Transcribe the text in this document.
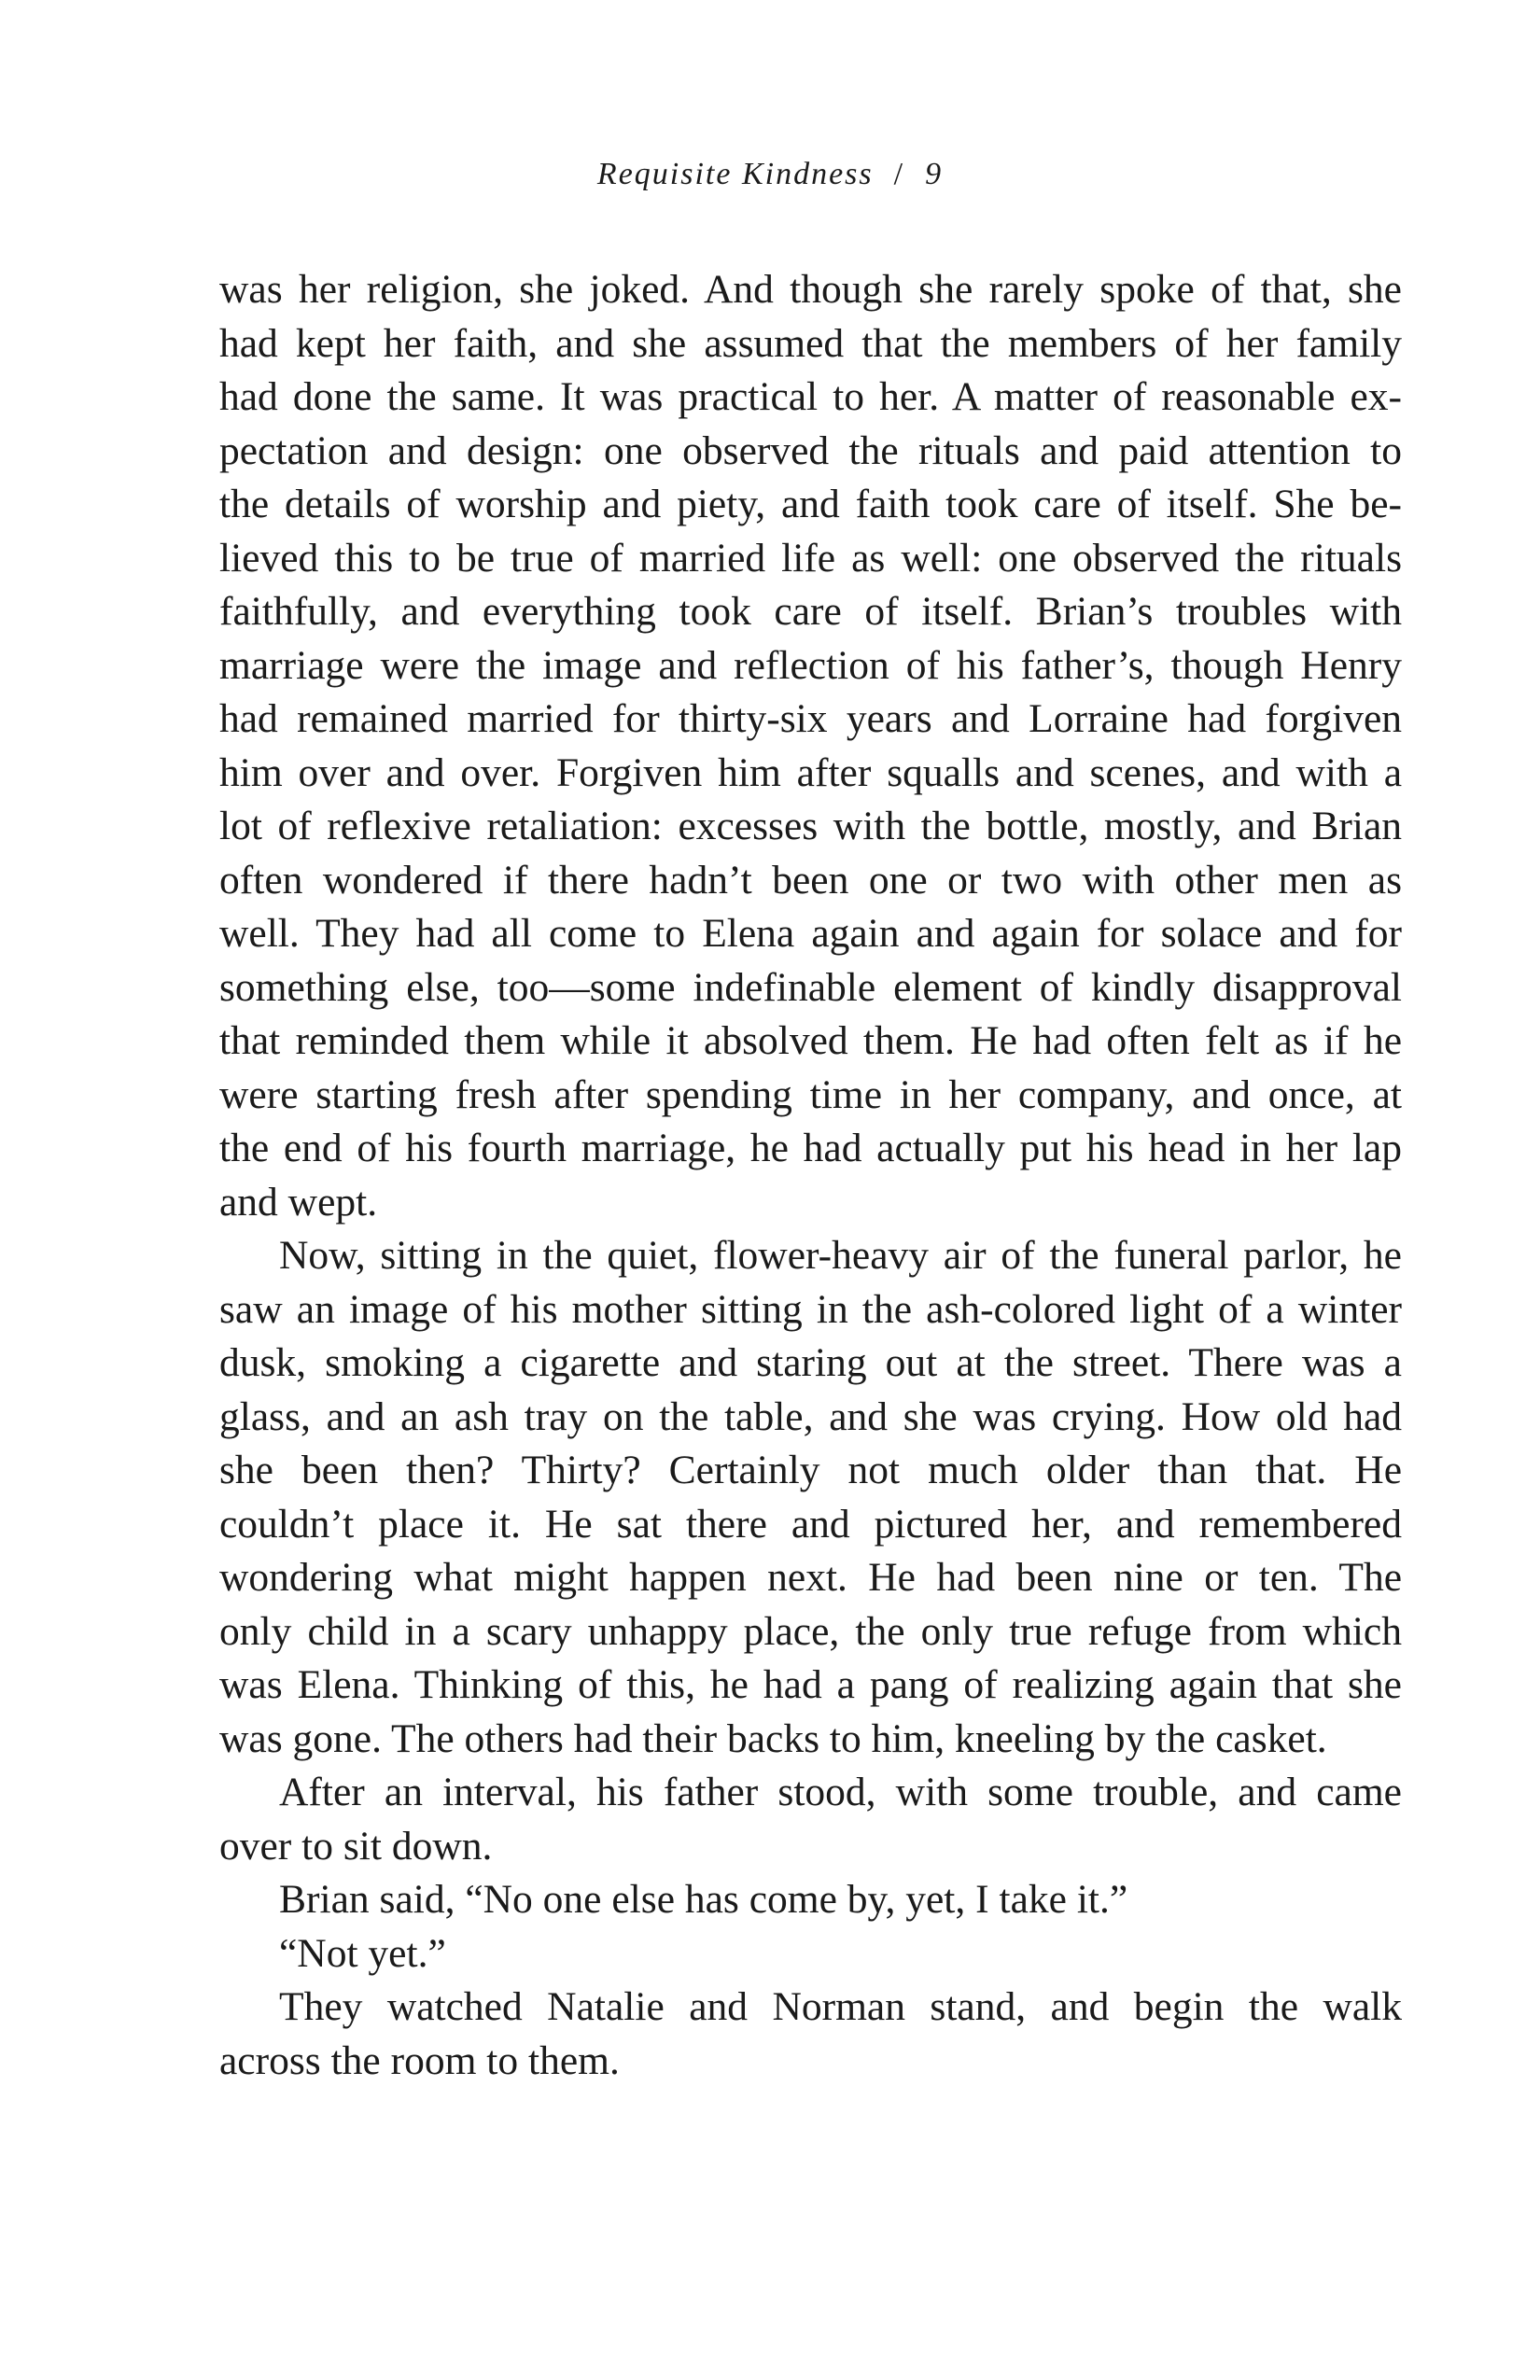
Requisite Kindness / 9
was her religion, she joked. And though she rarely spoke of that, she
had kept her faith, and she assumed that the members of her family
had done the same. It was practical to her. A matter of reasonable ex-
pectation and design: one observed the rituals and paid attention to
the details of worship and piety, and faith took care of itself. She be-
lieved this to be true of married life as well: one observed the rituals
faithfully, and everything took care of itself. Brian’s troubles with
marriage were the image and reflection of his father’s, though Henry
had remained married for thirty-six years and Lorraine had forgiven
him over and over. Forgiven him after squalls and scenes, and with a
lot of reflexive retaliation: excesses with the bottle, mostly, and Brian
often wondered if there hadn’t been one or two with other men as
well. They had all come to Elena again and again for solace and for
something else, too—some indefinable element of kindly disapproval
that reminded them while it absolved them. He had often felt as if he
were starting fresh after spending time in her company, and once, at
the end of his fourth marriage, he had actually put his head in her lap
and wept.
Now, sitting in the quiet, flower-heavy air of the funeral parlor, he
saw an image of his mother sitting in the ash-colored light of a winter
dusk, smoking a cigarette and staring out at the street. There was a
glass, and an ash tray on the table, and she was crying. How old had
she been then? Thirty? Certainly not much older than that. He
couldn’t place it. He sat there and pictured her, and remembered
wondering what might happen next. He had been nine or ten. The
only child in a scary unhappy place, the only true refuge from which
was Elena. Thinking of this, he had a pang of realizing again that she
was gone. The others had their backs to him, kneeling by the casket.
After an interval, his father stood, with some trouble, and came
over to sit down.
Brian said, “No one else has come by, yet, I take it.”
“Not yet.”
They watched Natalie and Norman stand, and begin the walk
across the room to them.
